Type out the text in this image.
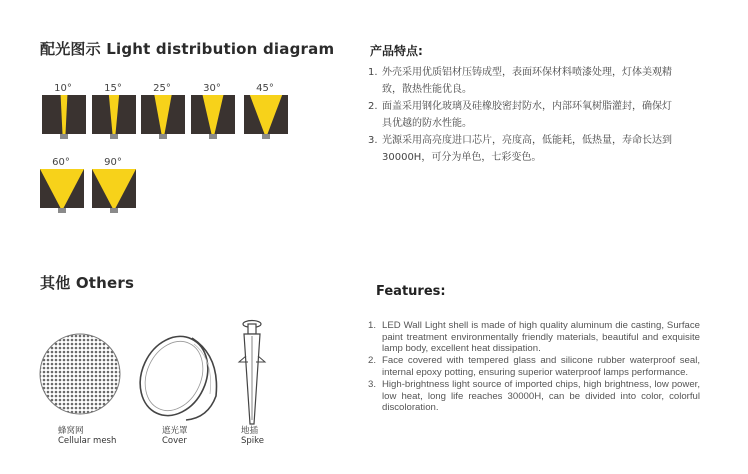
配光图示 Light distribution diagram
10°	15°	25°	30°	45°
60°	90°
其他 Others
蜂窝网
Cellular mesh
遮光罩
Cover
地插
Spike
产品特点:
1. 外壳采用优质铝材压铸成型，表面环保材料喷漆处理，灯体美观精
致，散热性能优良。
2. 面盖采用钢化玻璃及硅橡胶密封防水，内部环氧树脂灌封，确保灯
具优越的防水性能。
3. 光源采用高亮度进口芯片，亮度高，低能耗，低热量，寿命长达到
30000H，可分为单色，七彩变色。
Features:
1. LED Wall Light shell is made of high quality aluminum die casting, Surface paint treatment environmentally friendly materials, beautiful and exquisite lamp body, excellent heat dissipation.
2. Face covered with tempered glass and silicone rubber waterproof seal, internal epoxy potting, ensuring superior waterproof lamps performance.
3. High-brightness light source of imported chips, high brightness, low power, low heat, long life reaches 30000H, can be divided into color, colorful discoloration.
